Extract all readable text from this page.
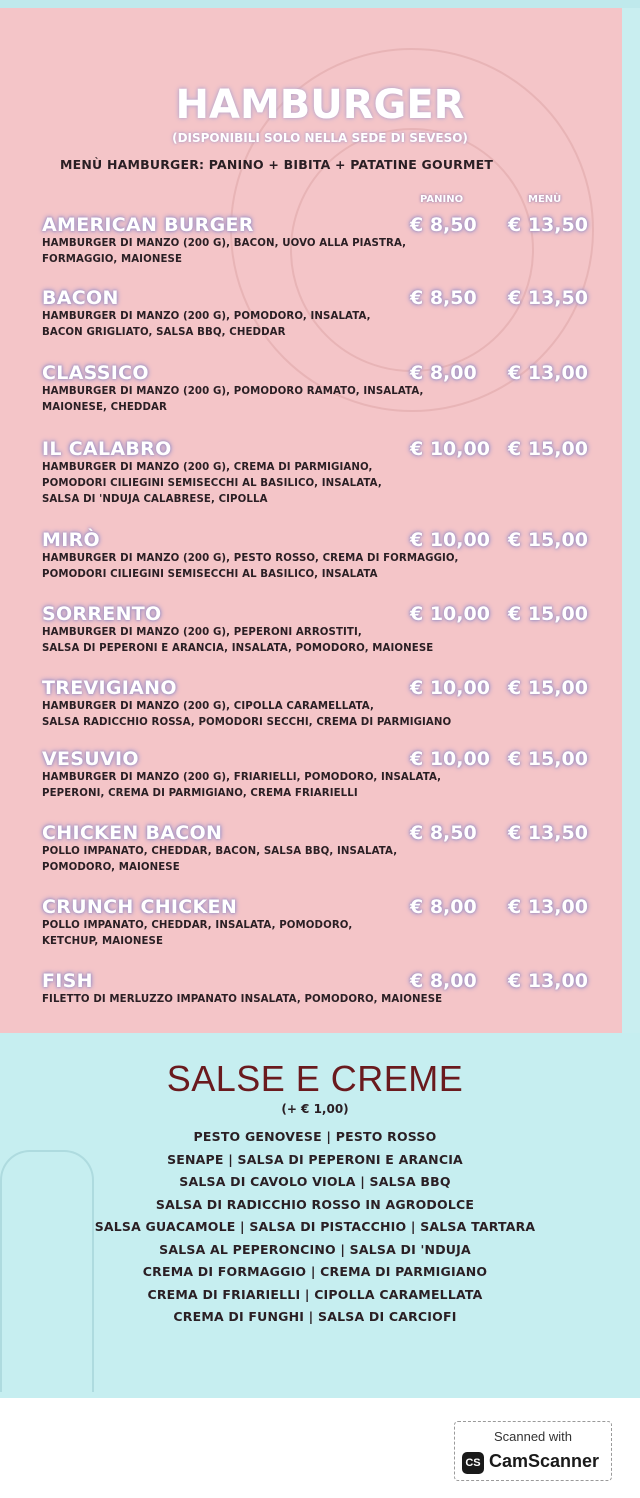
HAMBURGER
(DISPONIBILI SOLO NELLA SEDE DI SEVESO)
MENÙ HAMBURGER: PANINO + BIBITA + PATATINE GOURMET
PANINO	MENÙ
AMERICAN BURGER	€ 8,50 € 13,50
HAMBURGER DI MANZO (200 G), BACON, UOVO ALLA PIASTRA,
FORMAGGIO, MAIONESE
BACON	€ 8,50 € 13,50
HAMBURGER DI MANZO (200 G), POMODORO, INSALATA,
BACON GRIGLIATO, SALSA BBQ, CHEDDAR
CLASSICO	€ 8,00 € 13,00
HAMBURGER DI MANZO (200 G), POMODORO RAMATO, INSALATA,
MAIONESE, CHEDDAR
IL CALABRO	€ 10,00 € 15,00
HAMBURGER DI MANZO (200 G), CREMA DI PARMIGIANO,
POMODORI CILIEGINI SEMISECCHI AL BASILICO, INSALATA,
SALSA DI 'NDUJA CALABRESE, CIPOLLA
MIRÒ	€ 10,00 € 15,00
HAMBURGER DI MANZO (200 G), PESTO ROSSO, CREMA DI FORMAGGIO,
POMODORI CILIEGINI SEMISECCHI AL BASILICO, INSALATA
SORRENTO	€ 10,00 € 15,00
HAMBURGER DI MANZO (200 G), PEPERONI ARROSTITI,
SALSA DI PEPERONI E ARANCIA, INSALATA, POMODORO, MAIONESE
TREVIGIANO	€ 10,00 € 15,00
HAMBURGER DI MANZO (200 G), CIPOLLA CARAMELLATA,
SALSA RADICCHIO ROSSA, POMODORI SECCHI, CREMA DI PARMIGIANO
VESUVIO	€ 10,00 € 15,00
HAMBURGER DI MANZO (200 G), FRIARIELLI, POMODORO, INSALATA,
PEPERONI, CREMA DI PARMIGIANO, CREMA FRIARIELLI
CHICKEN BACON	€ 8,50 € 13,50
POLLO IMPANATO, CHEDDAR, BACON, SALSA BBQ, INSALATA,
POMODORO, MAIONESE
CRUNCH CHICKEN	€ 8,00 € 13,00
POLLO IMPANATO, CHEDDAR, INSALATA, POMODORO,
KETCHUP, MAIONESE
FISH	€ 8,00 € 13,00
FILETTO DI MERLUZZO IMPANATO INSALATA, POMODORO, MAIONESE
SALSE E CREME
(+ € 1,00)
PESTO GENOVESE | PESTO ROSSO
SENAPE | SALSA DI PEPERONI E ARANCIA
SALSA DI CAVOLO VIOLA | SALSA BBQ
SALSA DI RADICCHIO ROSSO IN AGRODOLCE
SALSA GUACAMOLE | SALSA DI PISTACCHIO | SALSA TARTARA
SALSA AL PEPERONCINO | SALSA DI 'NDUJA
CREMA DI FORMAGGIO | CREMA DI PARMIGIANO
CREMA DI FRIARIELLI | CIPOLLA CARAMELLATA
CREMA DI FUNGHI | SALSA DI CARCIOFI
Scanned with
CS CamScanner
